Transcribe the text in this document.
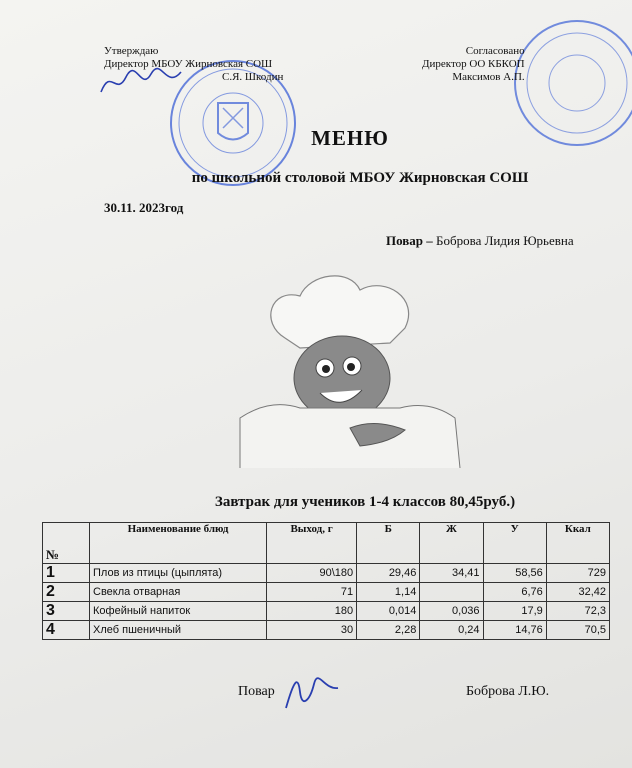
Утверждаю
Директор МБОУ Жирновская СОШ
С.Я. Шкодин
Согласовано
Директор ОО КБКОП
Максимов А.П.
МЕНЮ
по школьной столовой МБОУ Жирновская СОШ
30.11. 2023год
Повар – Боброва Лидия Юрьевна
Завтрак для учеников 1-4 классов 80,45руб.)
№	Наименование блюд	Выход, г	Б	Ж	У	Ккал
1	Плов из птицы (цыплята)	90\180	29,46	34,41	58,56	729
2	Свекла отварная	71	1,14		6,76	32,42
3	Кофейный напиток	180	0,014	0,036	17,9	72,3
4	Хлеб пшеничный	30	2,28	0,24	14,76	70,5
Повар	Боброва Л.Ю.
